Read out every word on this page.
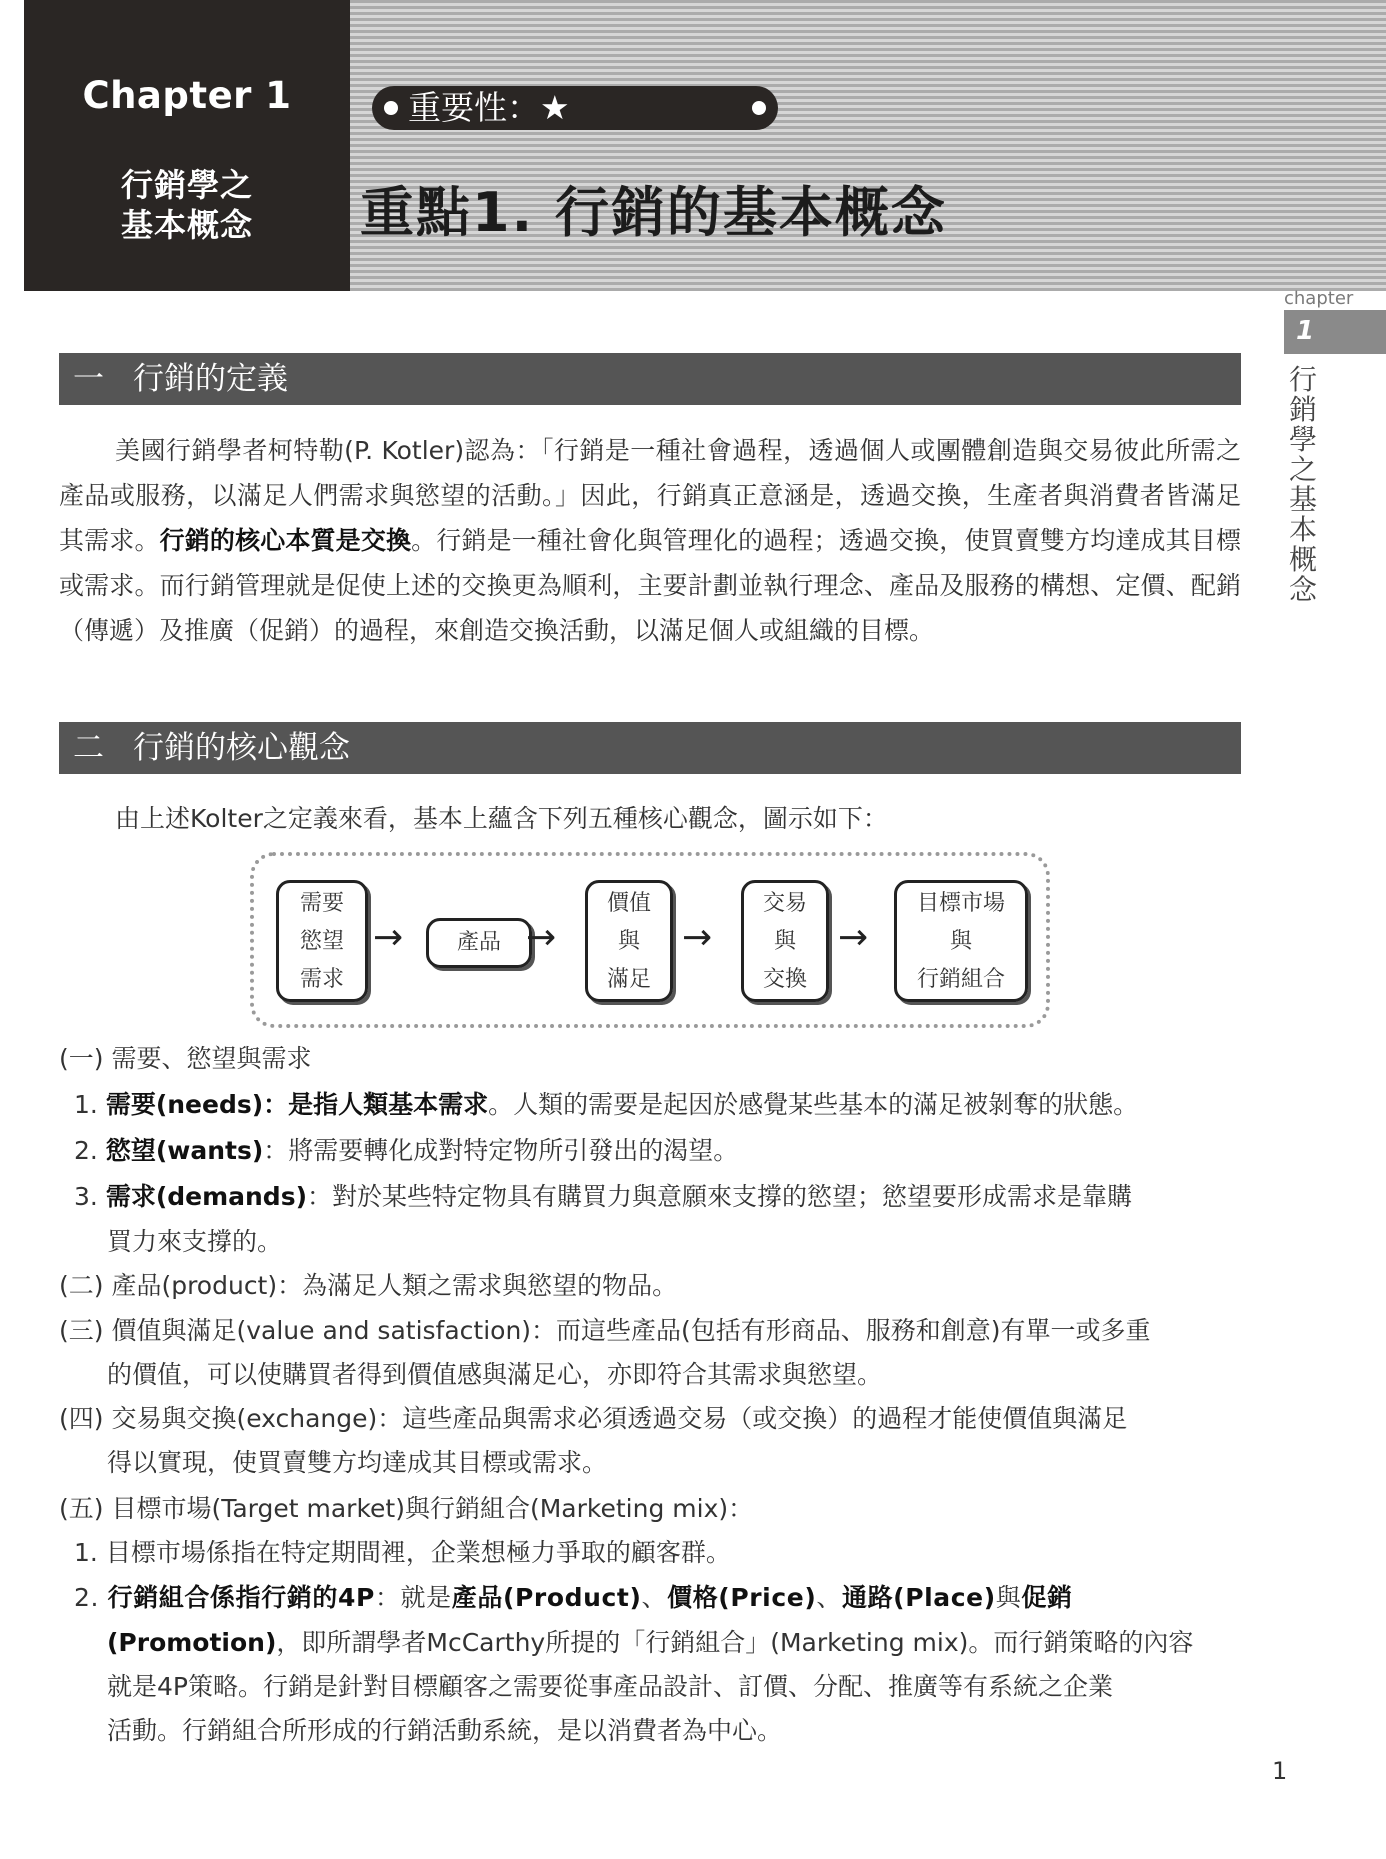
Chapter 1
行銷學之
基本概念
重要性：★
重點1. 行銷的基本概念
chapter
1
行銷學之基本概念
一 行銷的定義
美國行銷學者柯特勒(P. Kotler)認為：「行銷是一種社會過程，透過個人或團體創造與交易彼此所需之產品或服務，以滿足人們需求與慾望的活動。」因此，行銷真正意涵是，透過交換，生產者與消費者皆滿足其需求。行銷的核心本質是交換。行銷是一種社會化與管理化的過程；透過交換，使買賣雙方均達成其目標或需求。而行銷管理就是促使上述的交換更為順利，主要計劃並執行理念、產品及服務的構想、定價、配銷（傳遞）及推廣（促銷）的過程，來創造交換活動，以滿足個人或組織的目標。
二 行銷的核心觀念
由上述Kolter之定義來看，基本上蘊含下列五種核心觀念，圖示如下：
需要
慾望
需求
→	產品 →
價值
與
滿足
→
交易
與
交換
→
目標市場
與
行銷組合
(一) 需要、慾望與需求
1. 需要(needs)：是指人類基本需求。人類的需要是起因於感覺某些基本的滿足被剝奪的狀態。
2. 慾望(wants)：將需要轉化成對特定物所引發出的渴望。
3. 需求(demands)：對於某些特定物具有購買力與意願來支撐的慾望；慾望要形成需求是靠購
買力來支撐的。
(二) 產品(product)：為滿足人類之需求與慾望的物品。
(三) 價值與滿足(value and satisfaction)：而這些產品(包括有形商品、服務和創意)有單一或多重
的價值，可以使購買者得到價值感與滿足心，亦即符合其需求與慾望。
(四) 交易與交換(exchange)：這些產品與需求必須透過交易（或交換）的過程才能使價值與滿足
得以實現，使買賣雙方均達成其目標或需求。
(五) 目標市場(Target market)與行銷組合(Marketing mix)：
1. 目標市場係指在特定期間裡，企業想極力爭取的顧客群。
2. 行銷組合係指行銷的4P：就是產品(Product)、價格(Price)、通路(Place)與促銷
(Promotion)，即所謂學者McCarthy所提的「行銷組合」(Marketing mix)。而行銷策略的內容
就是4P策略。行銷是針對目標顧客之需要從事產品設計、訂價、分配、推廣等有系統之企業
活動。行銷組合所形成的行銷活動系統，是以消費者為中心。
1
